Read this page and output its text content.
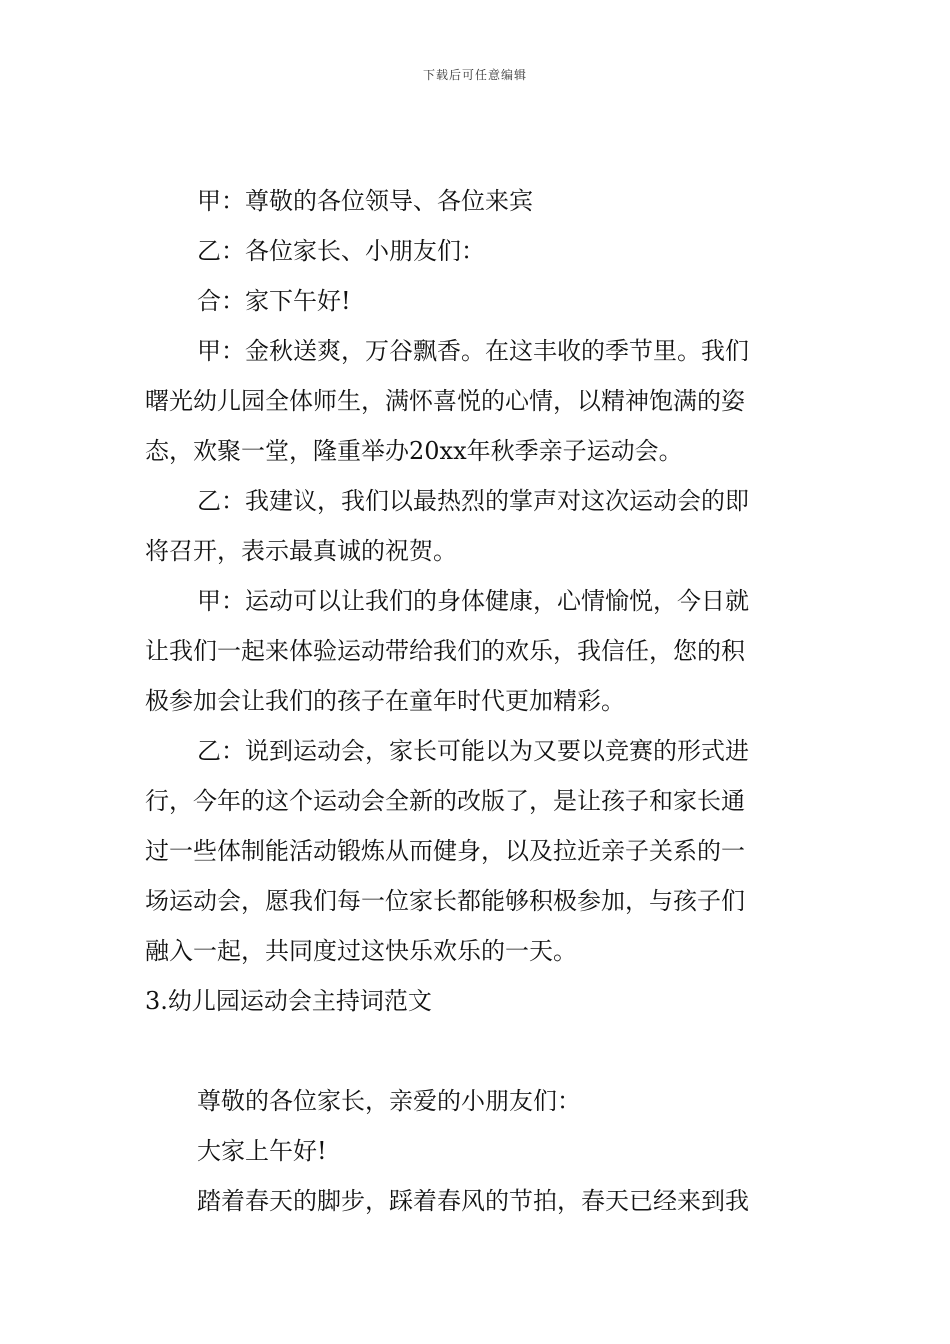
下载后可任意编辑
甲：尊敬的各位领导、各位来宾
乙：各位家长、小朋友们：
合：家下午好!
甲：金秋送爽，万谷飘香。在这丰收的季节里。我们
曙光幼儿园全体师生，满怀喜悦的心情，以精神饱满的姿
态，欢聚一堂，隆重举办20xx年秋季亲子运动会。
乙：我建议，我们以最热烈的掌声对这次运动会的即
将召开，表示最真诚的祝贺。
甲：运动可以让我们的身体健康，心情愉悦，今日就
让我们一起来体验运动带给我们的欢乐，我信任，您的积
极参加会让我们的孩子在童年时代更加精彩。
乙：说到运动会，家长可能以为又要以竞赛的形式进
行，今年的这个运动会全新的改版了，是让孩子和家长通
过一些体制能活动锻炼从而健身，以及拉近亲子关系的一
场运动会，愿我们每一位家长都能够积极参加，与孩子们
融入一起，共同度过这快乐欢乐的一天。
3.幼儿园运动会主持词范文
尊敬的各位家长，亲爱的小朋友们：
大家上午好!
踏着春天的脚步，踩着春风的节拍，春天已经来到我
